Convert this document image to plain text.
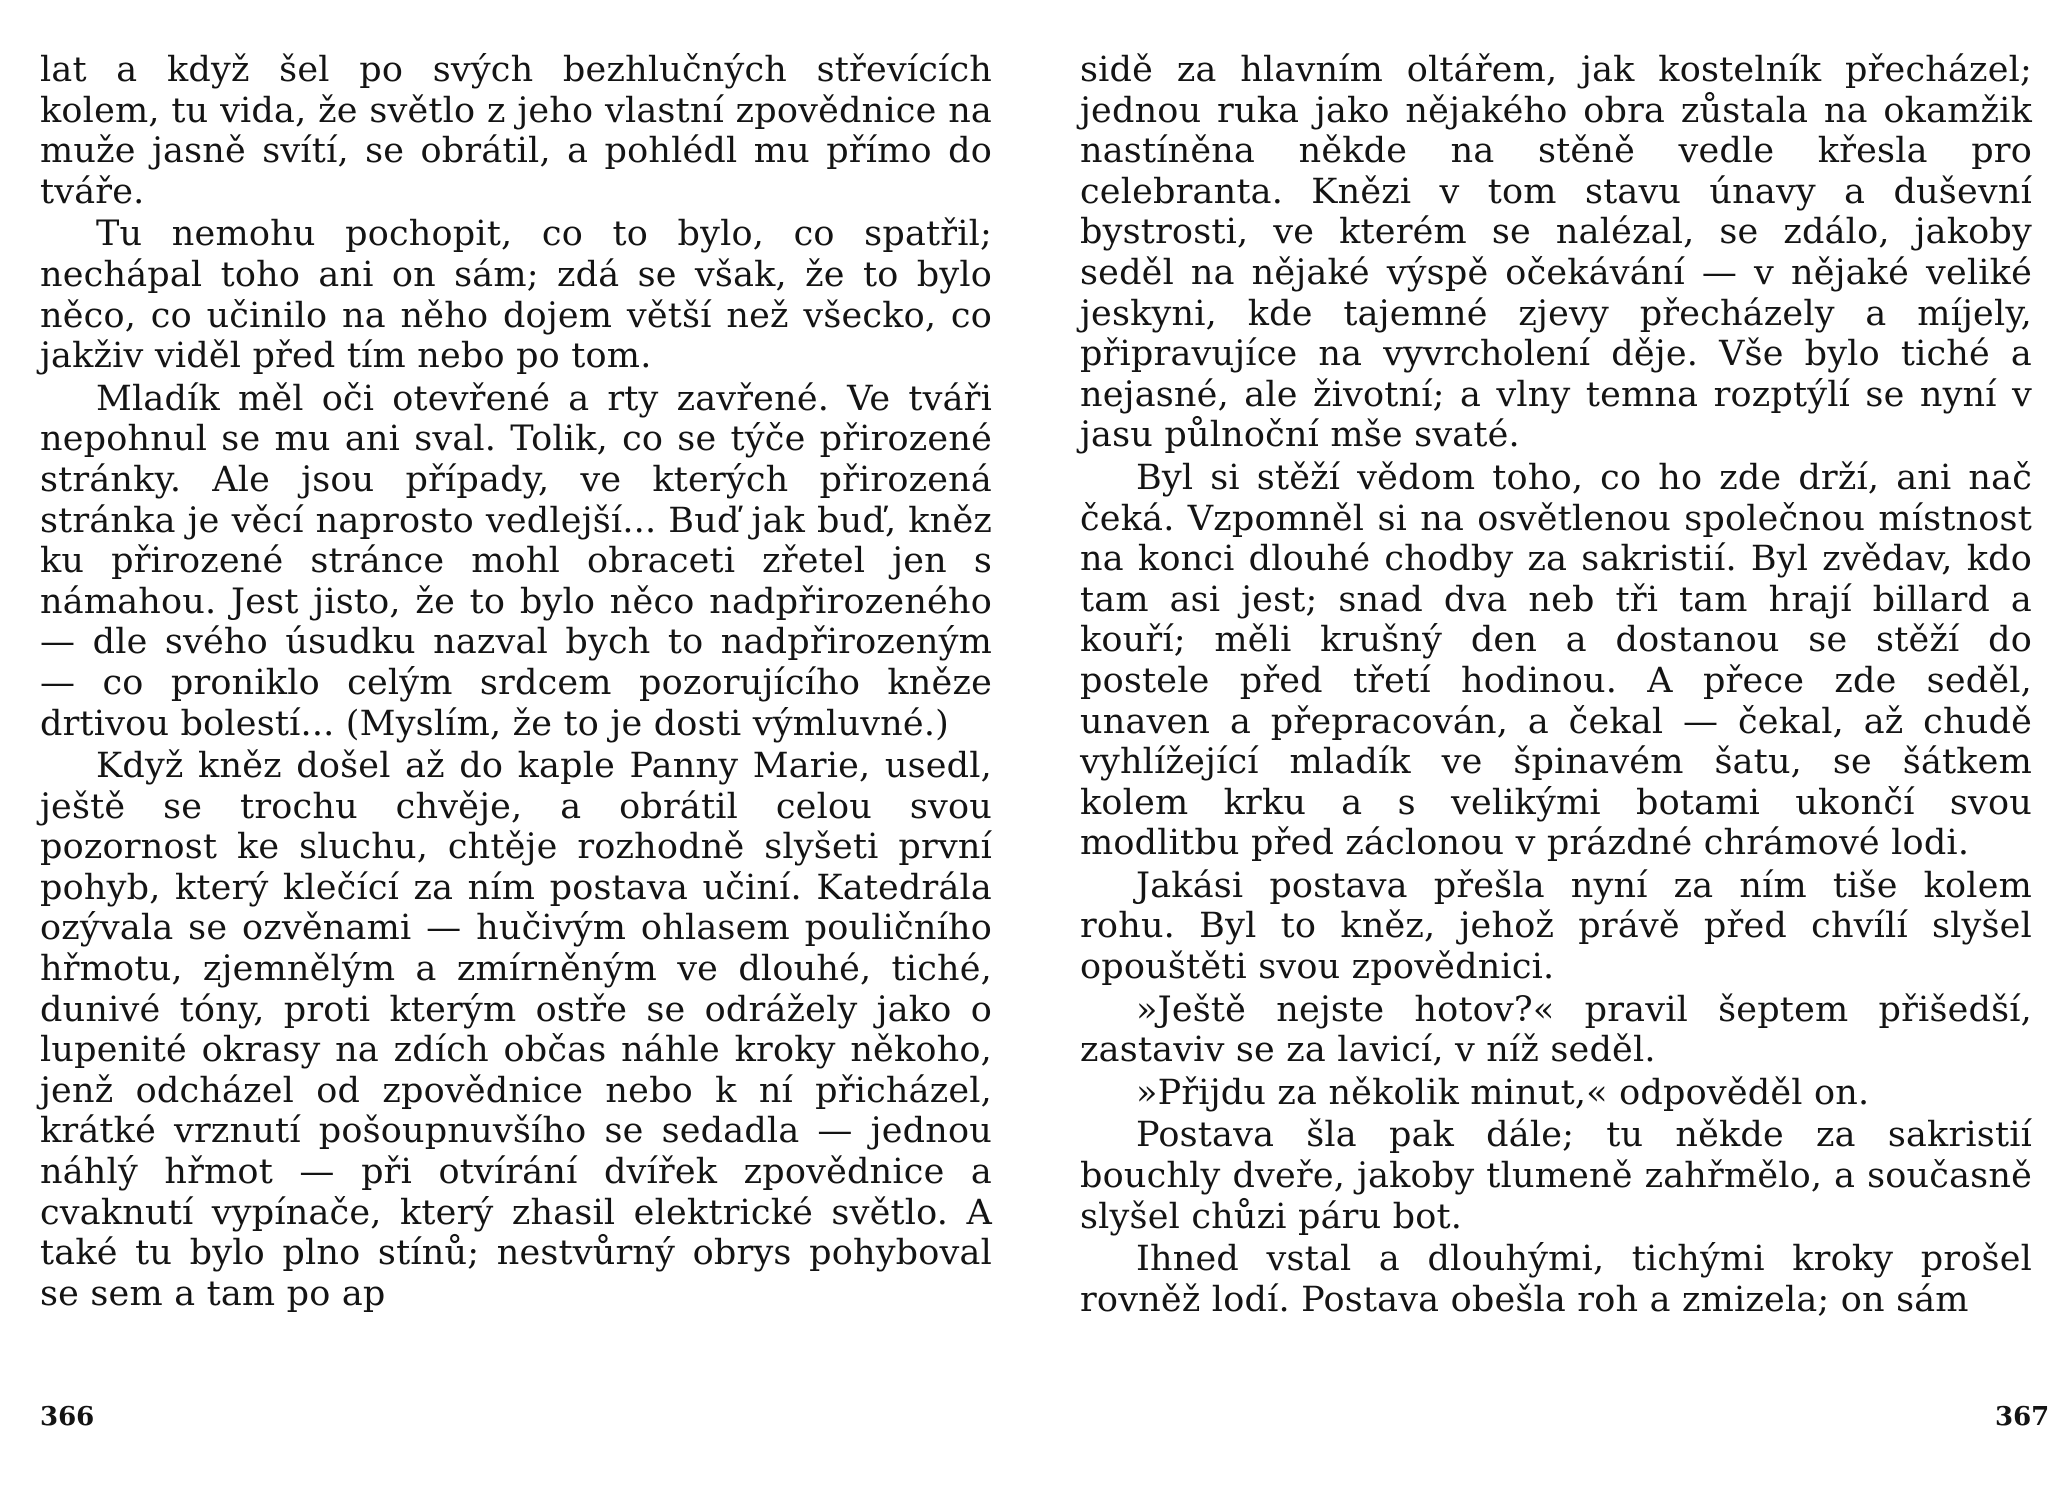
lat a když šel po svých bezhlučných střevících kolem, tu vida, že světlo z jeho vlastní zpovědnice na muže jasně svítí, se obrátil, a pohlédl mu přímo do tváře.

Tu nemohu pochopit, co to bylo, co spatřil; nechápal toho ani on sám; zdá se však, že to bylo něco, co učinilo na něho dojem větší než všecko, co jakživ viděl před tím nebo po tom.

Mladík měl oči otevřené a rty zavřené. Ve tváři nepohnul se mu ani sval. Tolik, co se týče přirozené stránky. Ale jsou případy, ve kterých přirozená stránka je věcí naprosto vedlejší... Buď jak buď, kněz ku přirozené stránce mohl obraceti zřetel jen s námahou. Jest jisto, že to bylo něco nadpřirozeného — dle svého úsudku nazval bych to nadpřirozeným — co proniklo celým srdcem pozorujícího kněze drtivou bolestí... (Myslím, že to je dosti výmluvné.)

Když kněz došel až do kaple Panny Marie, usedl, ještě se trochu chvěje, a obrátil celou svou pozornost ke sluchu, chtěje rozhodně slyšeti první pohyb, který klečící za ním postava učiní. Katedrála ozývala se ozvěnami — hučivým ohlasem pouličního hřmotu, zjemnělým a zmírněným ve dlouhé, tiché, dunivé tóny, proti kterým ostře se odrážely jako o lupenité okrasy na zdích občas náhle kroky někoho, jenž odcházel od zpovědnice nebo k ní přicházel, krátké vrznutí pošoupnuvšího se sedadla — jednou náhlý hřmot — při otvírání dvířek zpovědnice a cvaknutí vypínače, který zhasil elektrické světlo. A také tu bylo plno stínů; nestvůrný obrys pohyboval se sem a tam po ap

366

sidě za hlavním oltářem, jak kostelník přecházel; jednou ruka jako nějakého obra zůstala na okamžik nastíněna někde na stěně vedle křesla pro celebranta. Knězi v tom stavu únavy a duševní bystrosti, ve kterém se nalézal, se zdálo, jakoby seděl na nějaké výspě očekávání — v nějaké veliké jeskyni, kde tajemné zjevy přecházely a míjely, připravujíce na vyvrcholení děje. Vše bylo tiché a nejasné, ale životní; a vlny temna rozptýlí se nyní v jasu půlnoční mše svaté.

Byl si stěží vědom toho, co ho zde drží, ani nač čeká. Vzpomněl si na osvětlenou společnou místnost na konci dlouhé chodby za sakristií. Byl zvědav, kdo tam asi jest; snad dva neb tři tam hrají billard a kouří; měli krušný den a dostanou se stěží do postele před třetí hodinou. A přece zde seděl, unaven a přepracován, a čekal — čekal, až chudě vyhlížející mladík ve špinavém šatu, se šátkem kolem krku a s velikými botami ukončí svou modlitbu před záclonou v prázdné chrámové lodi.

Jakási postava přešla nyní za ním tiše kolem rohu. Byl to kněz, jehož právě před chvílí slyšel opouštěti svou zpovědnici.

»Ještě nejste hotov?« pravil šeptem přišedší, zastaviv se za lavicí, v níž seděl.

»Přijdu za několik minut,« odpověděl on.

Postava šla pak dále; tu někde za sakristií bouchly dveře, jakoby tlumeně zahřmělo, a současně slyšel chůzi páru bot.

Ihned vstal a dlouhými, tichými kroky prošel rovněž lodí. Postava obešla roh a zmizela; on sám

367
